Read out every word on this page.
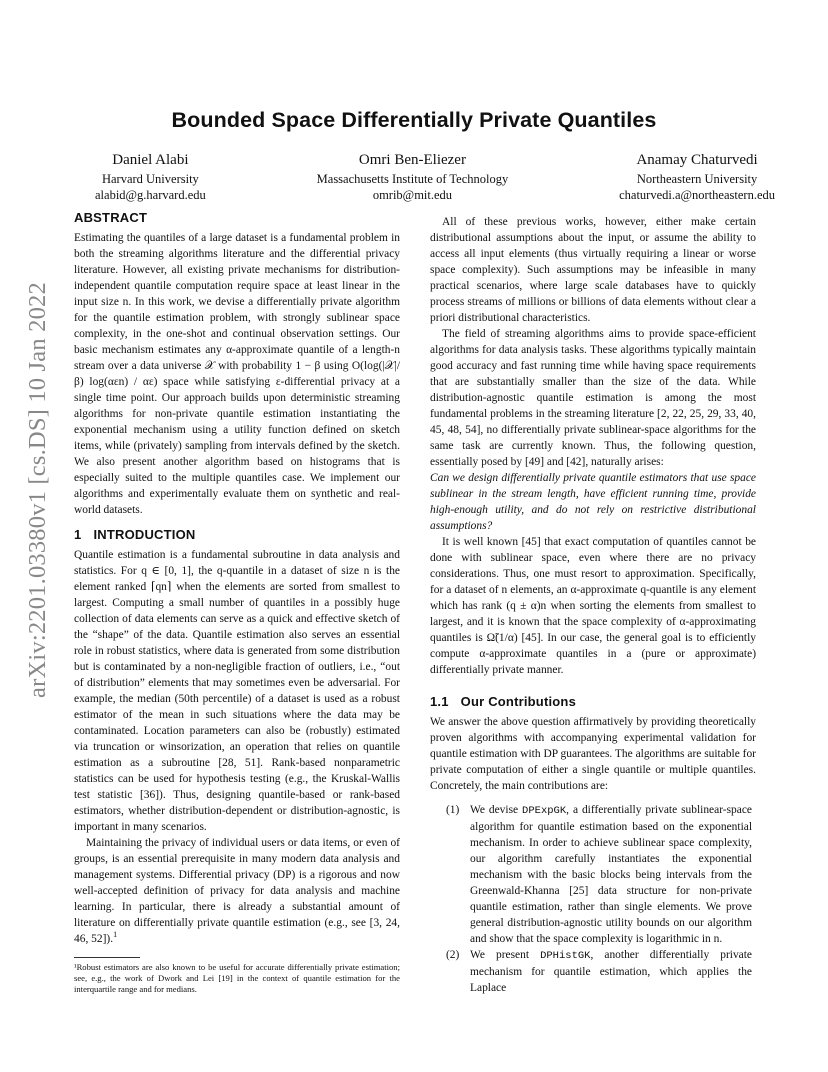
arXiv:2201.03380v1 [cs.DS] 10 Jan 2022
Bounded Space Differentially Private Quantiles
Daniel Alabi
Harvard University
alabid@g.harvard.edu
Omri Ben-Eliezer
Massachusetts Institute of Technology
omrib@mit.edu
Anamay Chaturvedi
Northeastern University
chaturvedi.a@northeastern.edu
ABSTRACT

Estimating the quantiles of a large dataset is a fundamental problem in both the streaming algorithms literature and the differential privacy literature. However, all existing private mechanisms for distribution-independent quantile computation require space at least linear in the input size n. In this work, we devise a differentially private algorithm for the quantile estimation problem, with strongly sublinear space complexity, in the one-shot and continual observation settings. Our basic mechanism estimates any α-approximate quantile of a length-n stream over a data universe 𝒳 with probability 1 − β using O(log(|𝒳|/β) log(αεn) / αε) space while satisfying ε-differential privacy at a single time point. Our approach builds upon deterministic streaming algorithms for non-private quantile estimation instantiating the exponential mechanism using a utility function defined on sketch items, while (privately) sampling from intervals defined by the sketch. We also present another algorithm based on histograms that is especially suited to the multiple quantiles case. We implement our algorithms and experimentally evaluate them on synthetic and real-world datasets.

1 INTRODUCTION

Quantile estimation is a fundamental subroutine in data analysis and statistics. For q ∈ [0, 1], the q-quantile in a dataset of size n is the element ranked ⌈qn⌉ when the elements are sorted from smallest to largest. Computing a small number of quantiles in a possibly huge collection of data elements can serve as a quick and effective sketch of the “shape” of the data. Quantile estimation also serves an essential role in robust statistics, where data is generated from some distribution but is contaminated by a non-negligible fraction of outliers, i.e., “out of distribution” elements that may sometimes even be adversarial. For example, the median (50th percentile) of a dataset is used as a robust estimator of the mean in such situations where the data may be contaminated. Location parameters can also be (robustly) estimated via truncation or winsorization, an operation that relies on quantile estimation as a subroutine [28, 51]. Rank-based nonparametric statistics can be used for hypothesis testing (e.g., the Kruskal-Wallis test statistic [36]). Thus, designing quantile-based or rank-based estimators, whether distribution-dependent or distribution-agnostic, is important in many scenarios.

Maintaining the privacy of individual users or data items, or even of groups, is an essential prerequisite in many modern data analysis and management systems. Differential privacy (DP) is a rigorous and now well-accepted definition of privacy for data analysis and machine learning. In particular, there is already a substantial amount of literature on differentially private quantile estimation (e.g., see [3, 24, 46, 52]).$^1$

¹Robust estimators are also known to be useful for accurate differentially private estimation; see, e.g., the work of Dwork and Lei [19] in the context of quantile estimation for the interquartile range and for medians.

All of these previous works, however, either make certain distributional assumptions about the input, or assume the ability to access all input elements (thus virtually requiring a linear or worse space complexity). Such assumptions may be infeasible in many practical scenarios, where large scale databases have to quickly process streams of millions or billions of data elements without clear a priori distributional characteristics.

The field of streaming algorithms aims to provide space-efficient algorithms for data analysis tasks. These algorithms typically maintain good accuracy and fast running time while having space requirements that are substantially smaller than the size of the data. While distribution-agnostic quantile estimation is among the most fundamental problems in the streaming literature [2, 22, 25, 29, 33, 40, 45, 48, 54], no differentially private sublinear-space algorithms for the same task are currently known. Thus, the following question, essentially posed by [49] and [42], naturally arises:

Can we design differentially private quantile estimators that use space sublinear in the stream length, have efficient running time, provide high-enough utility, and do not rely on restrictive distributional assumptions?

It is well known [45] that exact computation of quantiles cannot be done with sublinear space, even where there are no privacy considerations. Thus, one must resort to approximation. Specifically, for a dataset of n elements, an α-approximate q-quantile is any element which has rank (q ± α)n when sorting the elements from smallest to largest, and it is known that the space complexity of α-approximating quantiles is Ω̃(1/α) [45]. In our case, the general goal is to efficiently compute α-approximate quantiles in a (pure or approximate) differentially private manner.

1.1 Our Contributions

We answer the above question affirmatively by providing theoretically proven algorithms with accompanying experimental validation for quantile estimation with DP guarantees. The algorithms are suitable for private computation of either a single quantile or multiple quantiles. Concretely, the main contributions are:

(1) We devise DPExpGK, a differentially private sublinear-space algorithm for quantile estimation based on the exponential mechanism. In order to achieve sublinear space complexity, our algorithm carefully instantiates the exponential mechanism with the basic blocks being intervals from the Greenwald-Khanna [25] data structure for non-private quantile estimation, rather than single elements. We prove general distribution-agnostic utility bounds on our algorithm and show that the space complexity is logarithmic in n.
(2) We present DPHistGK, another differentially private mechanism for quantile estimation, which applies the Laplace
